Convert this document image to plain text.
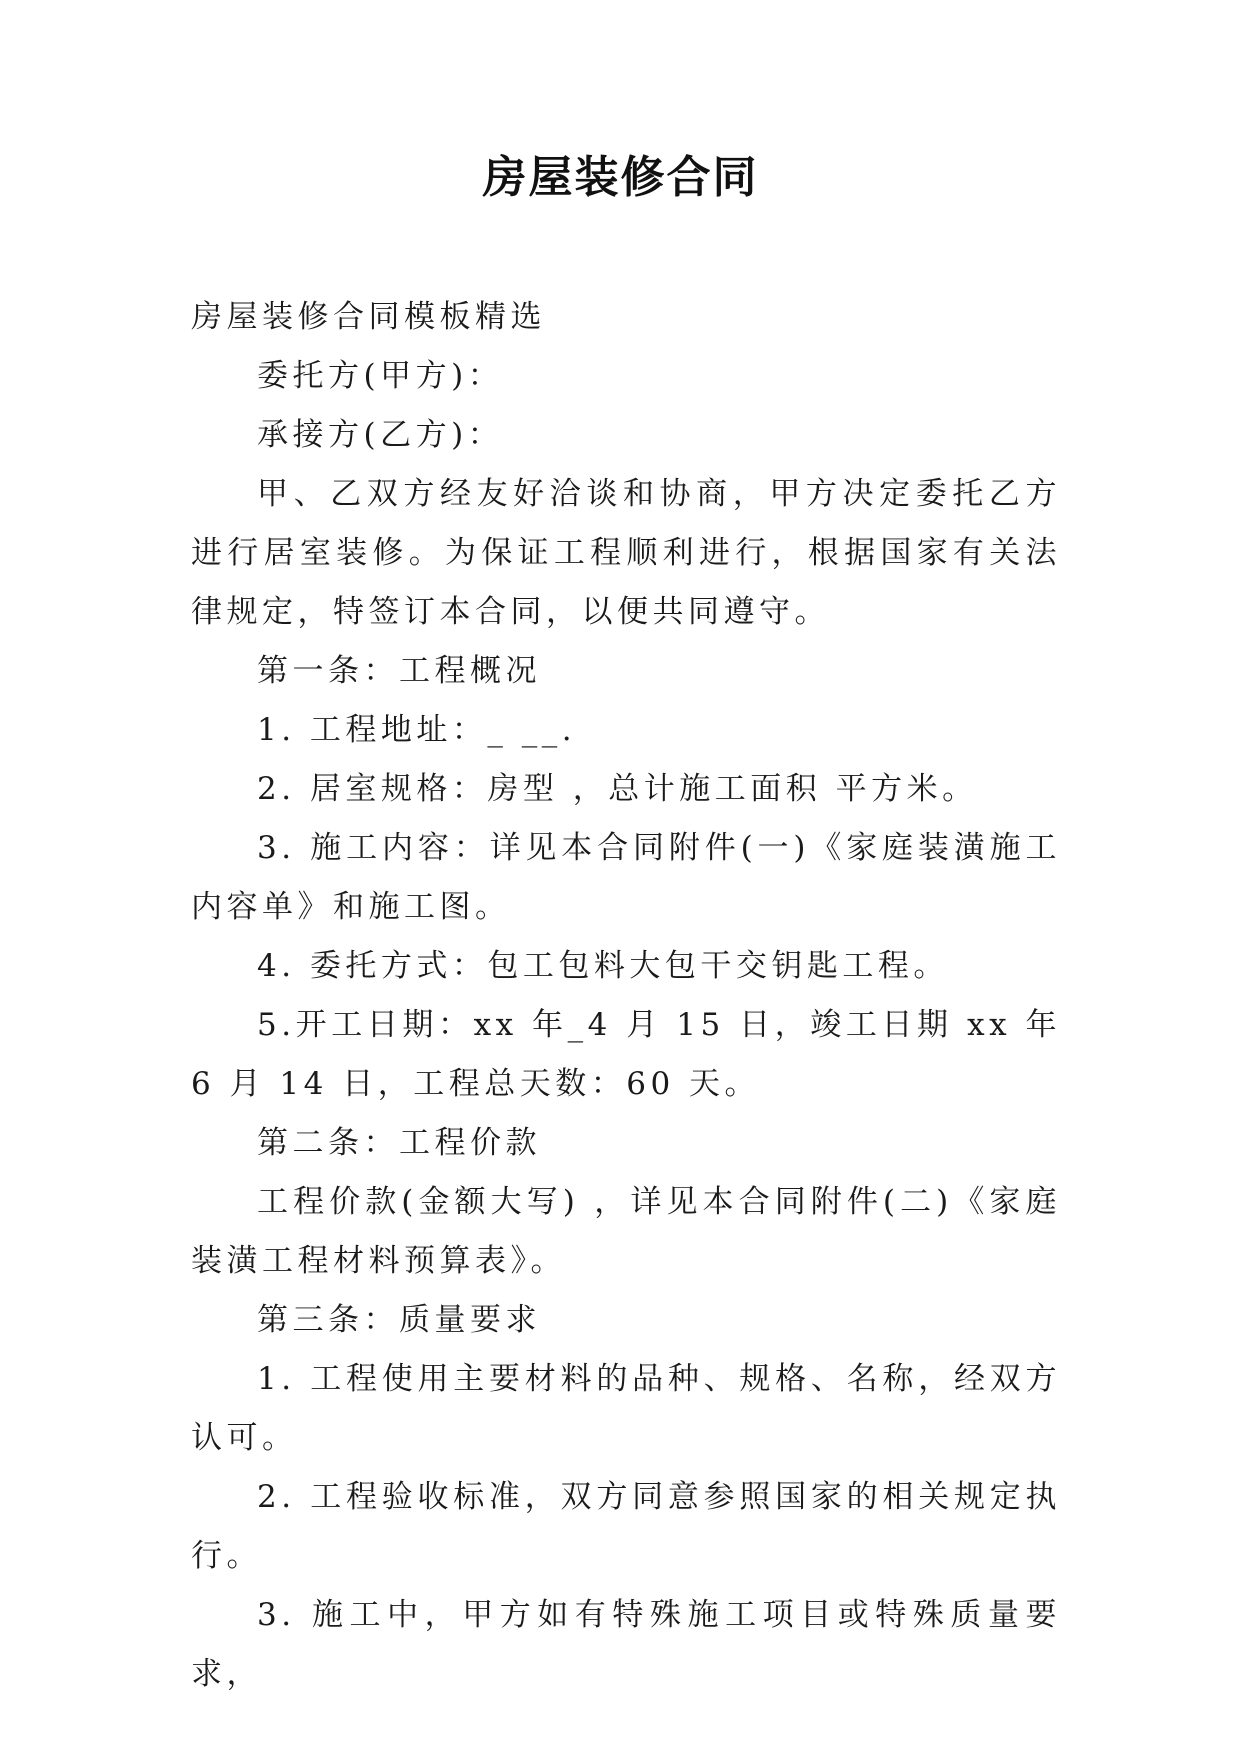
房屋装修合同

房屋装修合同模板精选

委托方(甲方)：

承接方(乙方)：

甲、乙双方经友好洽谈和协商，甲方决定委托乙方进行居室装修。为保证工程顺利进行，根据国家有关法律规定，特签订本合同，以便共同遵守。

第一条：工程概况

1. 工程地址：_ __.

2. 居室规格：房型 ，总计施工面积 平方米。

3. 施工内容：详见本合同附件(一)《家庭装潢施工内容单》和施工图。

4. 委托方式：包工包料大包干交钥匙工程。

5.开工日期：xx 年_4 月 15 日，竣工日期 xx 年 6 月 14 日，工程总天数：60 天。

第二条：工程价款

工程价款(金额大写) ，详见本合同附件(二)《家庭装潢工程材料预算表》。

第三条：质量要求

1. 工程使用主要材料的品种、规格、名称，经双方认可。

2. 工程验收标准，双方同意参照国家的相关规定执行。

3. 施工中，甲方如有特殊施工项目或特殊质量要求，
